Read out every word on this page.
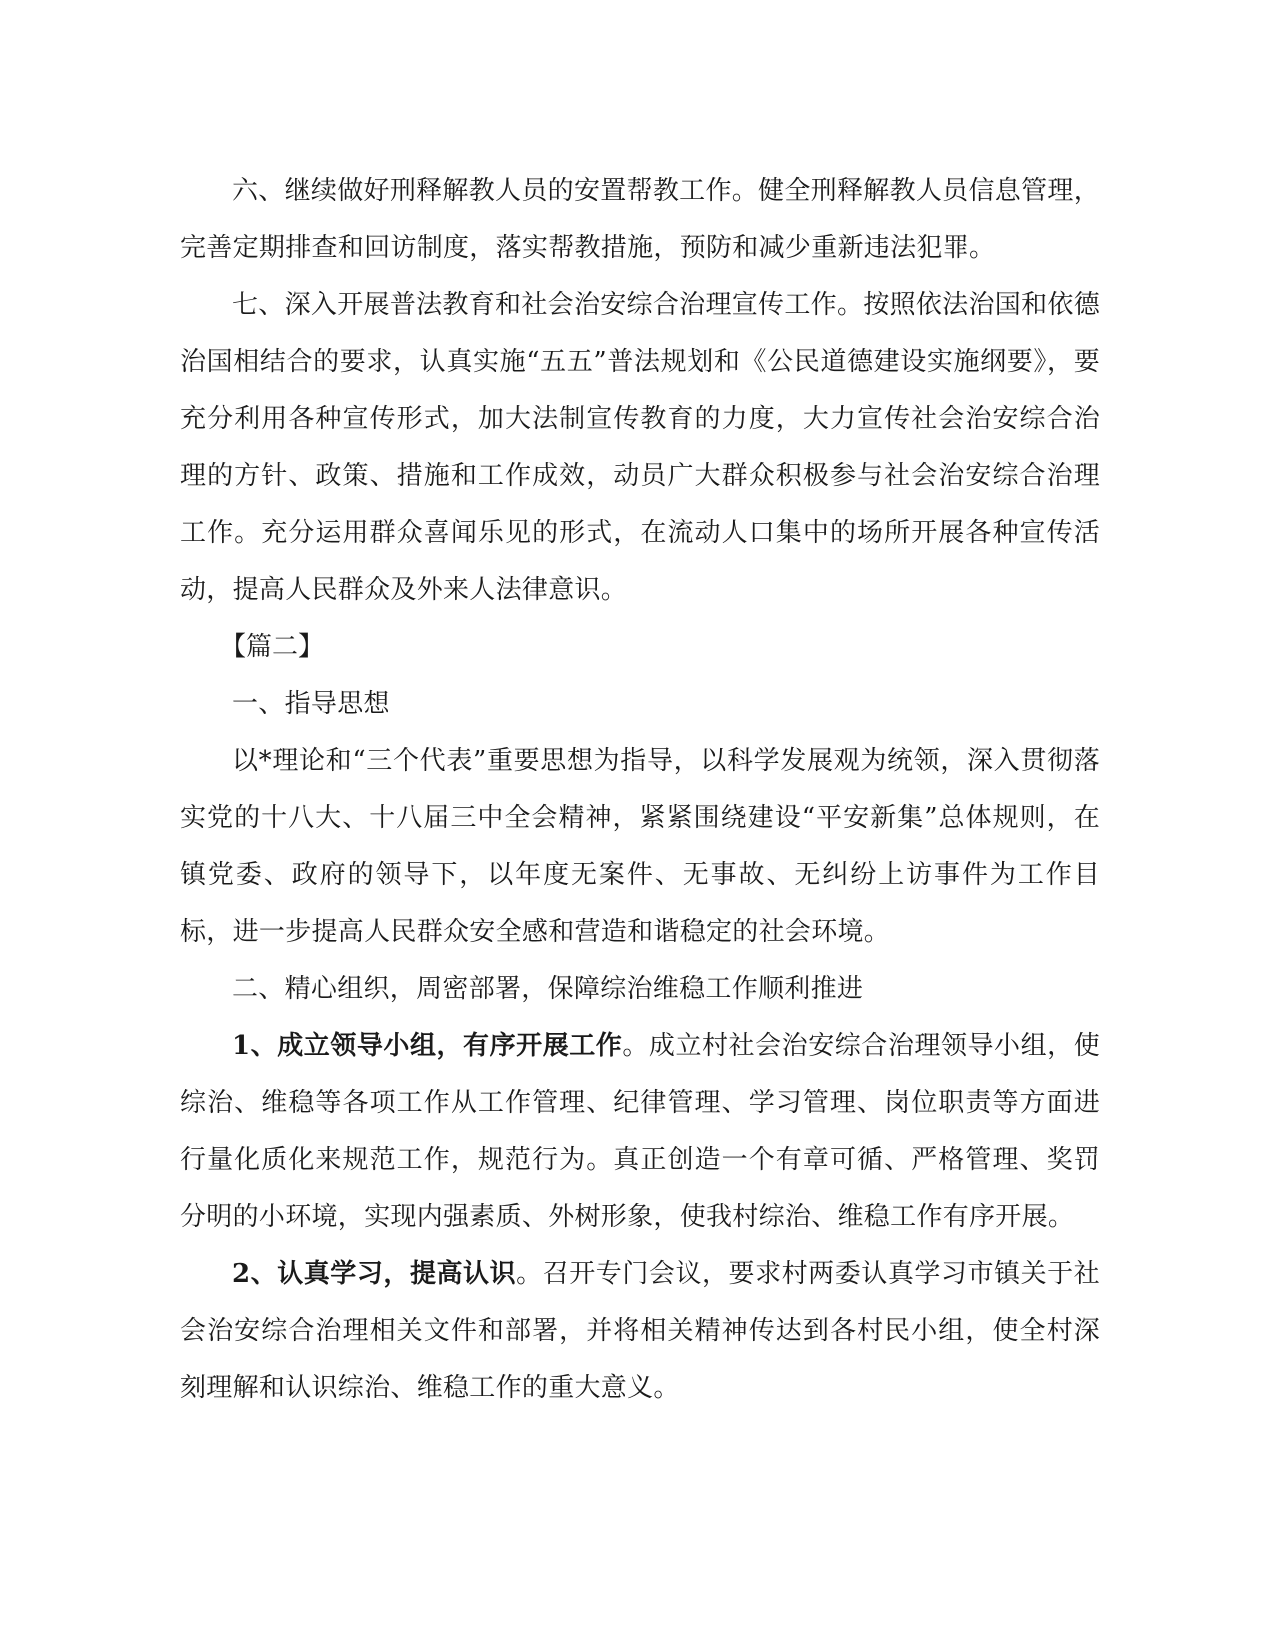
六、继续做好刑释解教人员的安置帮教工作。健全刑释解教人员信息管理，完善定期排查和回访制度，落实帮教措施，预防和减少重新违法犯罪。

七、深入开展普法教育和社会治安综合治理宣传工作。按照依法治国和依德治国相结合的要求，认真实施“五五”普法规划和《公民道德建设实施纲要》，要充分利用各种宣传形式，加大法制宣传教育的力度，大力宣传社会治安综合治理的方针、政策、措施和工作成效，动员广大群众积极参与社会治安综合治理工作。充分运用群众喜闻乐见的形式，在流动人口集中的场所开展各种宣传活动，提高人民群众及外来人法律意识。

【篇二】

一、指导思想

以*理论和“三个代表”重要思想为指导，以科学发展观为统领，深入贯彻落实党的十八大、十八届三中全会精神，紧紧围绕建设“平安新集”总体规则，在镇党委、政府的领导下，以年度无案件、无事故、无纠纷上访事件为工作目标，进一步提高人民群众安全感和营造和谐稳定的社会环境。

二、精心组织，周密部署，保障综治维稳工作顺利推进

1、成立领导小组，有序开展工作。成立村社会治安综合治理领导小组，使综治、维稳等各项工作从工作管理、纪律管理、学习管理、岗位职责等方面进行量化质化来规范工作，规范行为。真正创造一个有章可循、严格管理、奖罚分明的小环境，实现内强素质、外树形象，使我村综治、维稳工作有序开展。

2、认真学习，提高认识。召开专门会议，要求村两委认真学习市镇关于社会治安综合治理相关文件和部署，并将相关精神传达到各村民小组，使全村深刻理解和认识综治、维稳工作的重大意义。
